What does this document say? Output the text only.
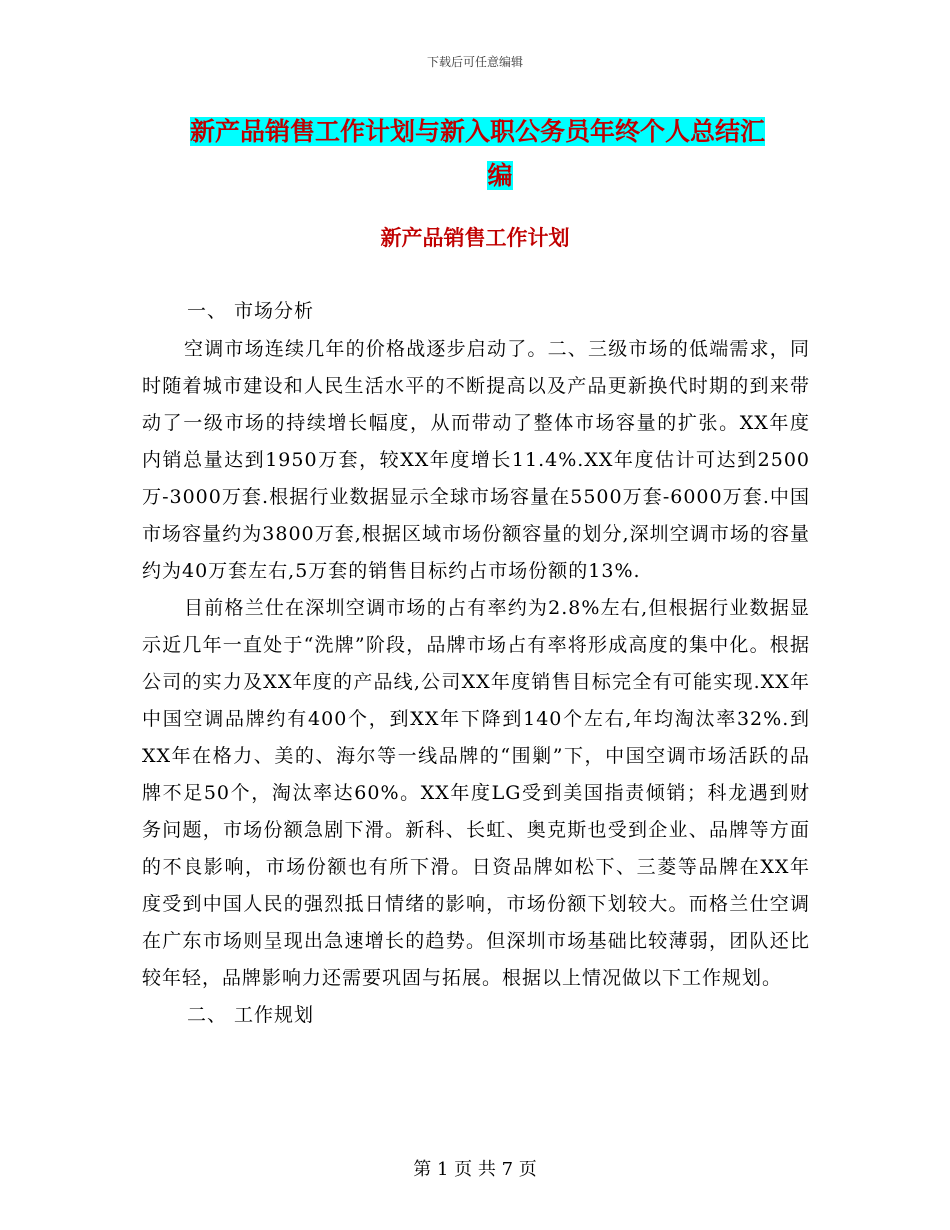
下载后可任意编辑
新产品销售工作计划与新入职公务员年终个人总结汇
编
新产品销售工作计划

一、 市场分析

空调市场连续几年的价格战逐步启动了。二、三级市场的低端需求，同时随着城市建设和人民生活水平的不断提高以及产品更新换代时期的到来带动了一级市场的持续增长幅度，从而带动了整体市场容量的扩张。XX年度内销总量达到1950万套，较XX年度增长11.4%.XX年度估计可达到2500万-3000万套.根据行业数据显示全球市场容量在5500万套-6000万套.中国市场容量约为3800万套,根据区域市场份额容量的划分,深圳空调市场的容量约为40万套左右,5万套的销售目标约占市场份额的13%.

目前格兰仕在深圳空调市场的占有率约为2.8%左右,但根据行业数据显示近几年一直处于“洗牌”阶段，品牌市场占有率将形成高度的集中化。根据公司的实力及XX年度的产品线,公司XX年度销售目标完全有可能实现.XX年中国空调品牌约有400个，到XX年下降到140个左右,年均淘汰率32%.到XX年在格力、美的、海尔等一线品牌的“围剿”下，中国空调市场活跃的品牌不足50个，淘汰率达60%。XX年度LG受到美国指责倾销；科龙遇到财务问题，市场份额急剧下滑。新科、长虹、奥克斯也受到企业、品牌等方面的不良影响，市场份额也有所下滑。日资品牌如松下、三菱等品牌在XX年度受到中国人民的强烈抵日情绪的影响，市场份额下划较大。而格兰仕空调在广东市场则呈现出急速增长的趋势。但深圳市场基础比较薄弱，团队还比较年轻，品牌影响力还需要巩固与拓展。根据以上情况做以下工作规划。

二、 工作规划

第 1 页 共 7 页
